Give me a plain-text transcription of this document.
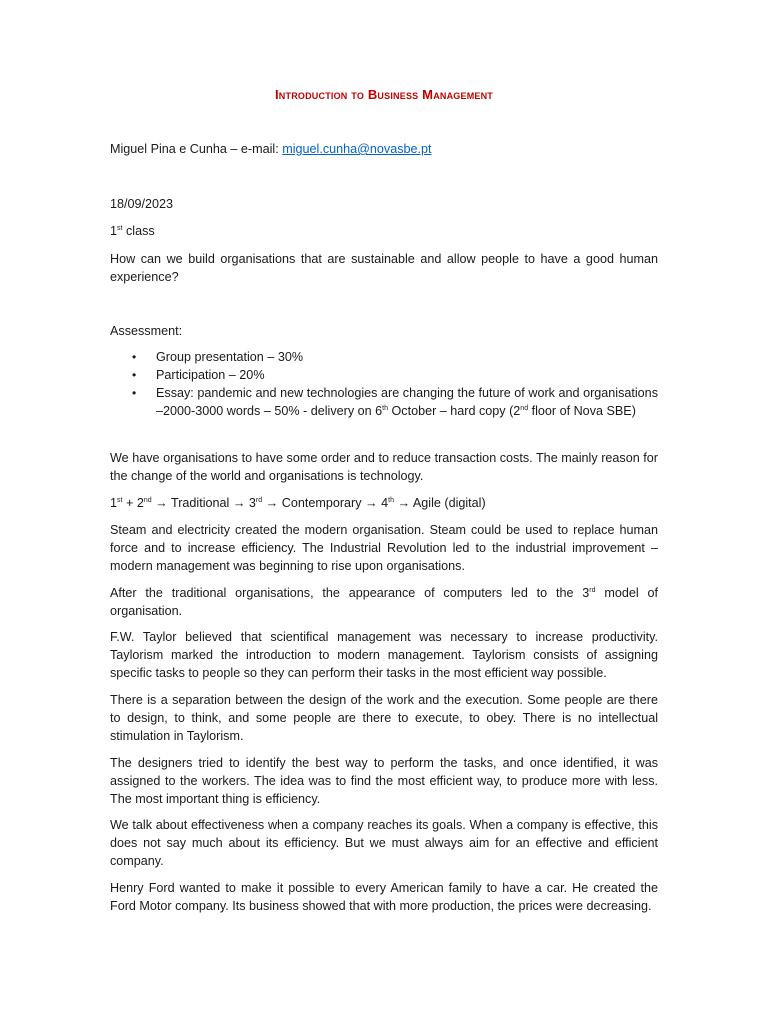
Introduction to Business Management

Miguel Pina e Cunha – e-mail: miguel.cunha@novasbe.pt

18/09/2023

1st class

How can we build organisations that are sustainable and allow people to have a good human experience?

Assessment:

• Group presentation – 30%
• Participation – 20%
• Essay: pandemic and new technologies are changing the future of work and organisations –2000-3000 words – 50% - delivery on 6th October – hard copy (2nd floor of Nova SBE)

We have organisations to have some order and to reduce transaction costs. The mainly reason for the change of the world and organisations is technology.

1st + 2nd → Traditional → 3rd → Contemporary → 4th → Agile (digital)

Steam and electricity created the modern organisation. Steam could be used to replace human force and to increase efficiency. The Industrial Revolution led to the industrial improvement – modern management was beginning to rise upon organisations.

After the traditional organisations, the appearance of computers led to the 3rd model of organisation.

F.W. Taylor believed that scientifical management was necessary to increase productivity. Taylorism marked the introduction to modern management. Taylorism consists of assigning specific tasks to people so they can perform their tasks in the most efficient way possible.

There is a separation between the design of the work and the execution. Some people are there to design, to think, and some people are there to execute, to obey. There is no intellectual stimulation in Taylorism.

The designers tried to identify the best way to perform the tasks, and once identified, it was assigned to the workers. The idea was to find the most efficient way, to produce more with less. The most important thing is efficiency.

We talk about effectiveness when a company reaches its goals. When a company is effective, this does not say much about its efficiency. But we must always aim for an effective and efficient company.

Henry Ford wanted to make it possible to every American family to have a car. He created the Ford Motor company. Its business showed that with more production, the prices were decreasing.
